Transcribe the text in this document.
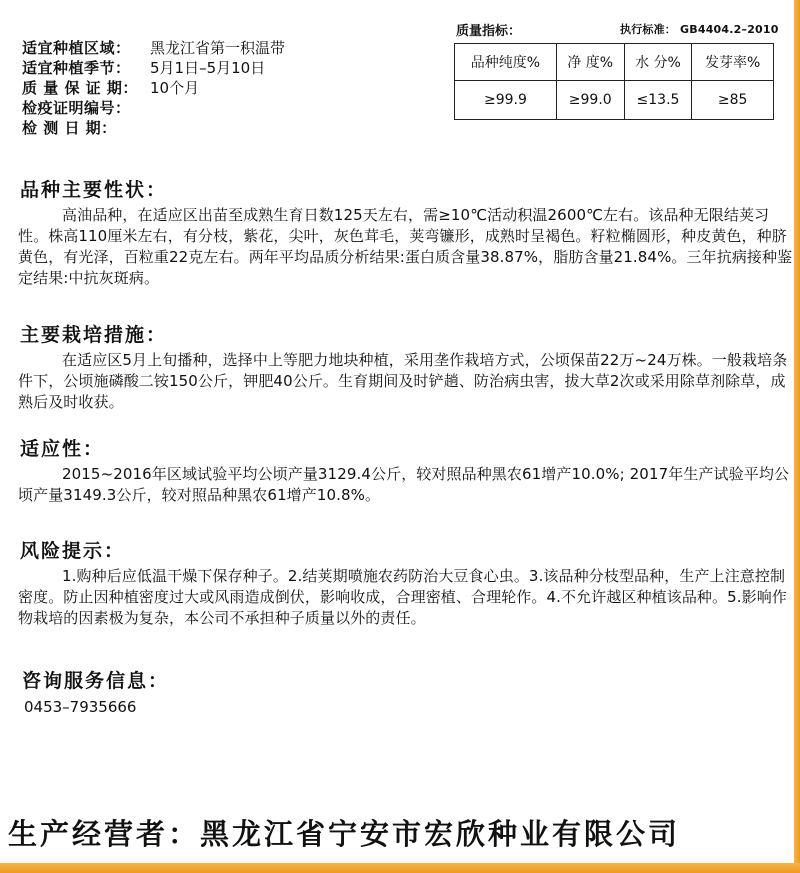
适宜种植区域：	黑龙江省第一积温带
适宜种植季节：	5月1日–5月10日
质 量 保 证 期： 10个月
检疫证明编号：
检 测 日 期：
质量指标：	执行标准： GB4404.2–2010
品种纯度%	净 度%	水 分%	发芽率%
≥99.9	≥99.0	≤13.5	≥85
品种主要性状：

高油品种，在适应区出苗至成熟生育日数125天左右，需≥10℃活动积温2600℃左右。该品种无限结荚习性。株高110厘米左右，有分枝，紫花，尖叶，灰色茸毛，荚弯镰形，成熟时呈褐色。籽粒椭圆形，种皮黄色，种脐黄色，有光泽，百粒重22克左右。两年平均品质分析结果:蛋白质含量38.87%，脂肪含量21.84%。三年抗病接种鉴定结果:中抗灰斑病。

主要栽培措施：

在适应区5月上旬播种，选择中上等肥力地块种植，采用垄作栽培方式，公顷保苗22万~24万株。一般栽培条件下，公顷施磷酸二铵150公斤，钾肥40公斤。生育期间及时铲趟、防治病虫害，拔大草2次或采用除草剂除草，成熟后及时收获。

适应性：

2015~2016年区域试验平均公顷产量3129.4公斤，较对照品种黑农61增产10.0%; 2017年生产试验平均公顷产量3149.3公斤，较对照品种黑农61增产10.8%。

风险提示：

1.购种后应低温干燥下保存种子。2.结荚期喷施农药防治大豆食心虫。3.该品种分枝型品种，生产上注意控制密度。防止因种植密度过大或风雨造成倒伏，影响收成，合理密植、合理轮作。4.不允许越区种植该品种。5.影响作物栽培的因素极为复杂，本公司不承担种子质量以外的责任。

咨询服务信息：
0453–7935666
生产经营者：黑龙江省宁安市宏欣种业有限公司
